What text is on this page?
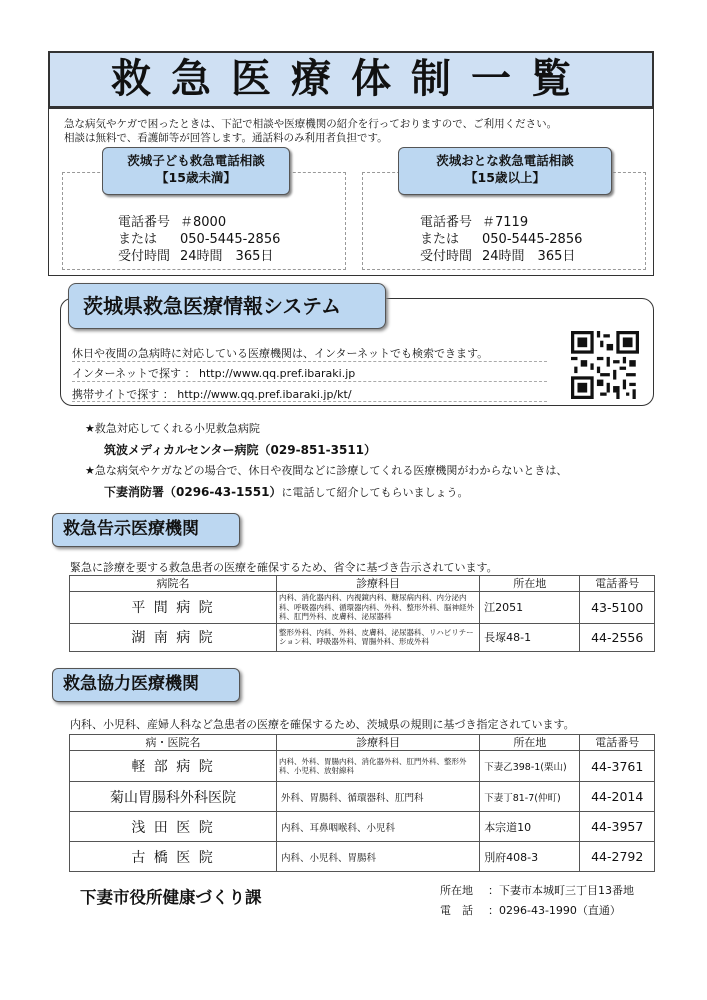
救急医療体制一覧
急な病気やケガで困ったときは、下記で相談や医療機関の紹介を行っておりますので、ご利用ください。
相談は無料で、看護師等が回答します。通話料のみ利用者負担です。
茨城子ども救急電話相談
【15歳未満】
電話番号 ＃8000
または 050-5445-2856
受付時間 24時間　365日
茨城おとな救急電話相談
【15歳以上】
電話番号 ＃7119
または 050-5445-2856
受付時間 24時間　365日
茨城県救急医療情報システム
休日や夜間の急病時に対応している医療機関は、インターネットでも検索できます。
インターネットで探す ： http://www.qq.pref.ibaraki.jp
携帯サイトで探す ： http://www.qq.pref.ibaraki.jp/kt/
★救急対応してくれる小児救急病院
筑波メディカルセンター病院（029-851-3511）
★急な病気やケガなどの場合で、休日や夜間などに診療してくれる医療機関がわからないときは、
下妻消防署（0296-43-1551）に電話して紹介してもらいましょう。
救急告示医療機関
緊急に診療を要する救急患者の医療を確保するため、省令に基づき告示されています。
病院名	診療科目	所在地	電話番号
平 間 病 院	内科、消化器内科、内視鏡内科、糖尿病内科、内分泌内科、呼吸器内科、循環器内科、外科、整形外科、脳神経外科、肛門外科、皮膚科、泌尿器科	江2051	43-5100
湖 南 病 院	整形外科、内科、外科、皮膚科、泌尿器科、リハビリテーション科、呼吸器外科、胃腸外科、形成外科	長塚48-1	44-2556
救急協力医療機関
内科、小児科、産婦人科など急患者の医療を確保するため、茨城県の規則に基づき指定されています。
病・医院名	診療科目	所在地	電話番号
軽 部 病 院	内科、外科、胃腸内科、消化器外科、肛門外科、整形外科、小児科、放射線科	下妻乙398-1(栗山)	44-3761
菊山胃腸科外科医院	外科、胃腸科、循環器科、肛門科	下妻丁81-7(仲町)	44-2014
浅 田 医 院	内科、耳鼻咽喉科、小児科	本宗道10	44-3957
古 橋 医 院	内科、小児科、胃腸科	別府408-3	44-2792
下妻市役所健康づくり課	所在地 ：下妻市本城町三丁目13番地
電　話 ：0296-43-1990（直通）
